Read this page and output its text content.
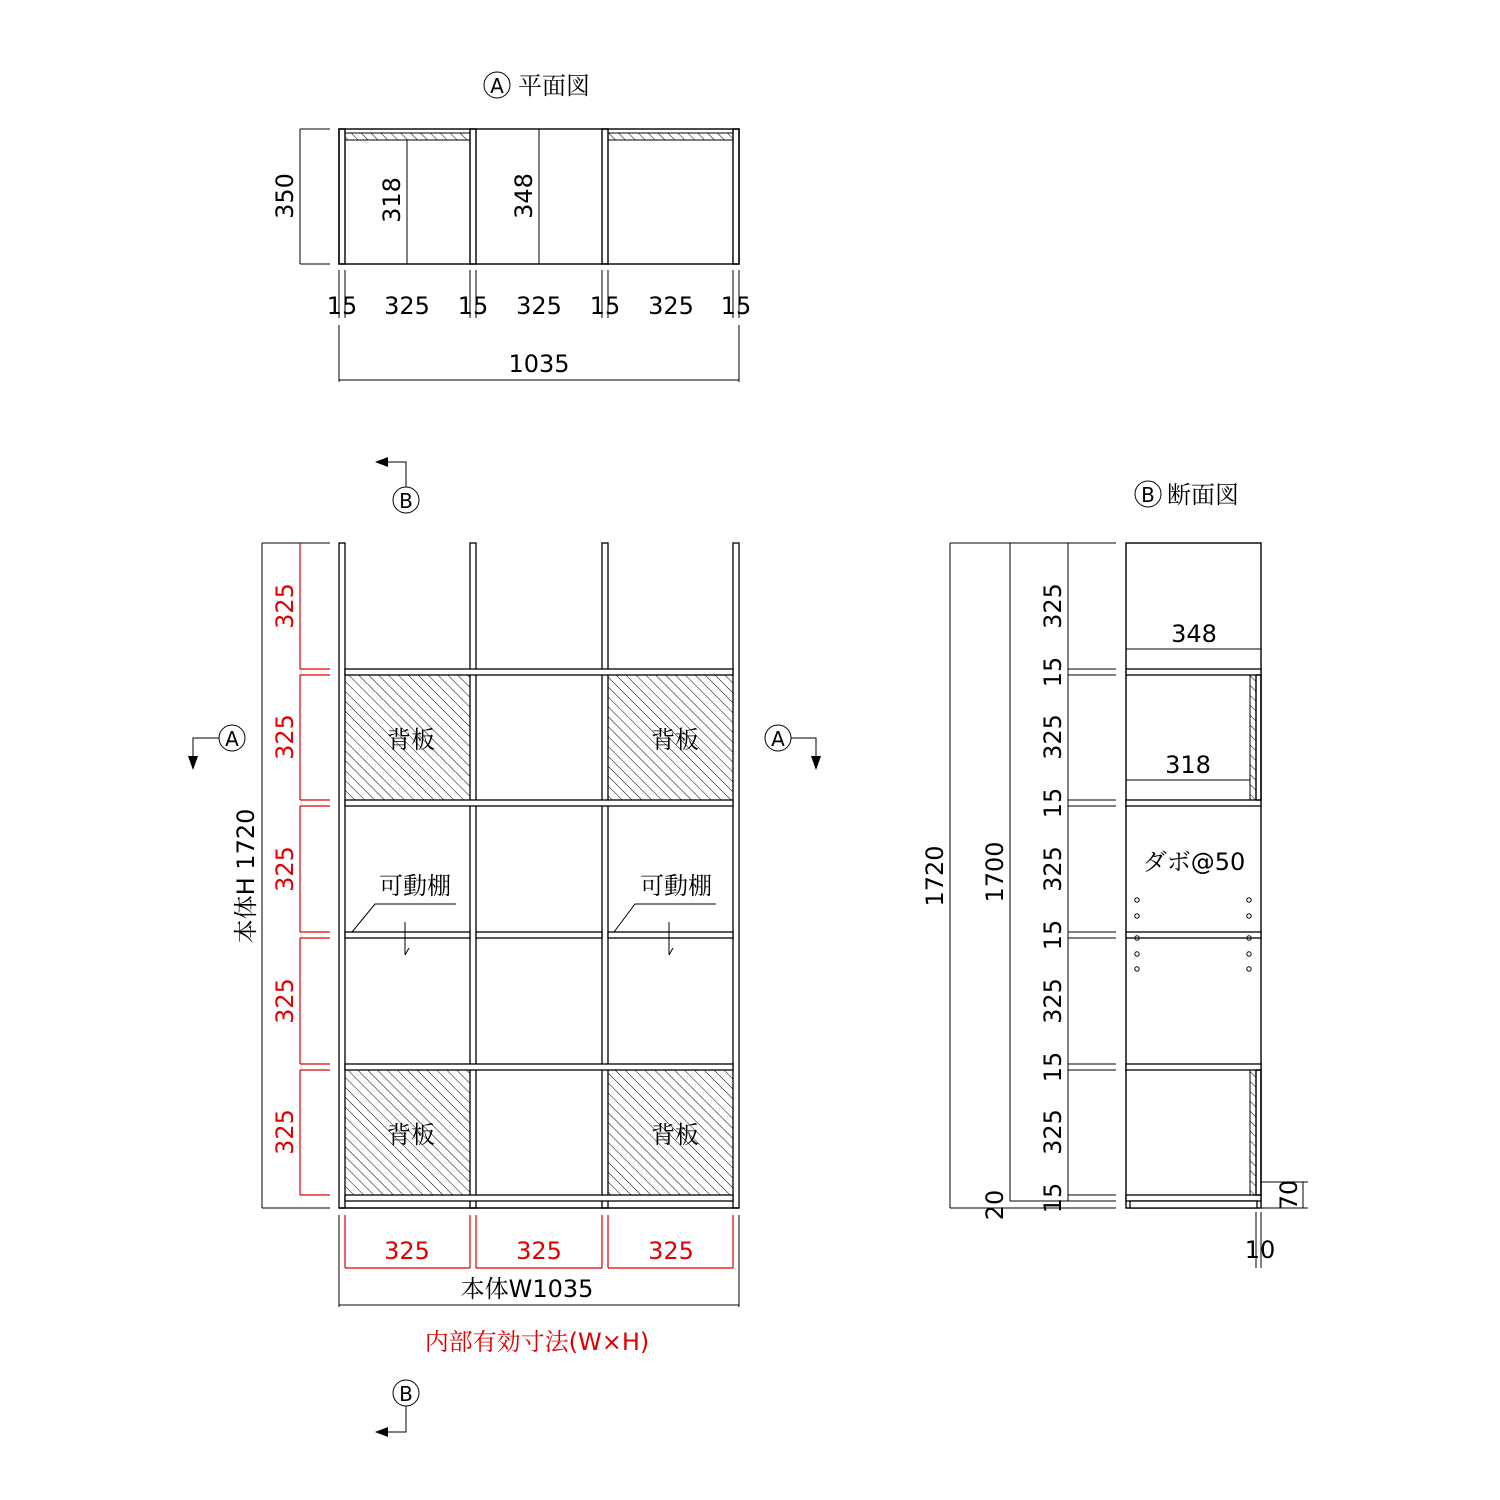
A 平面図
318	348
350
15 325 15 325 15 325 15
1035
B
B
A	A
背板	背板
背板	背板
可動棚	可動棚
本体H 1720
325
325
325
325
325
325	325	325
本体W1035
内部有効寸法(W×H)
B 断面図
348
318
ダボ@50
1720 1700
20
325
15
325
15
325
15
325
15
325
15	70
10
